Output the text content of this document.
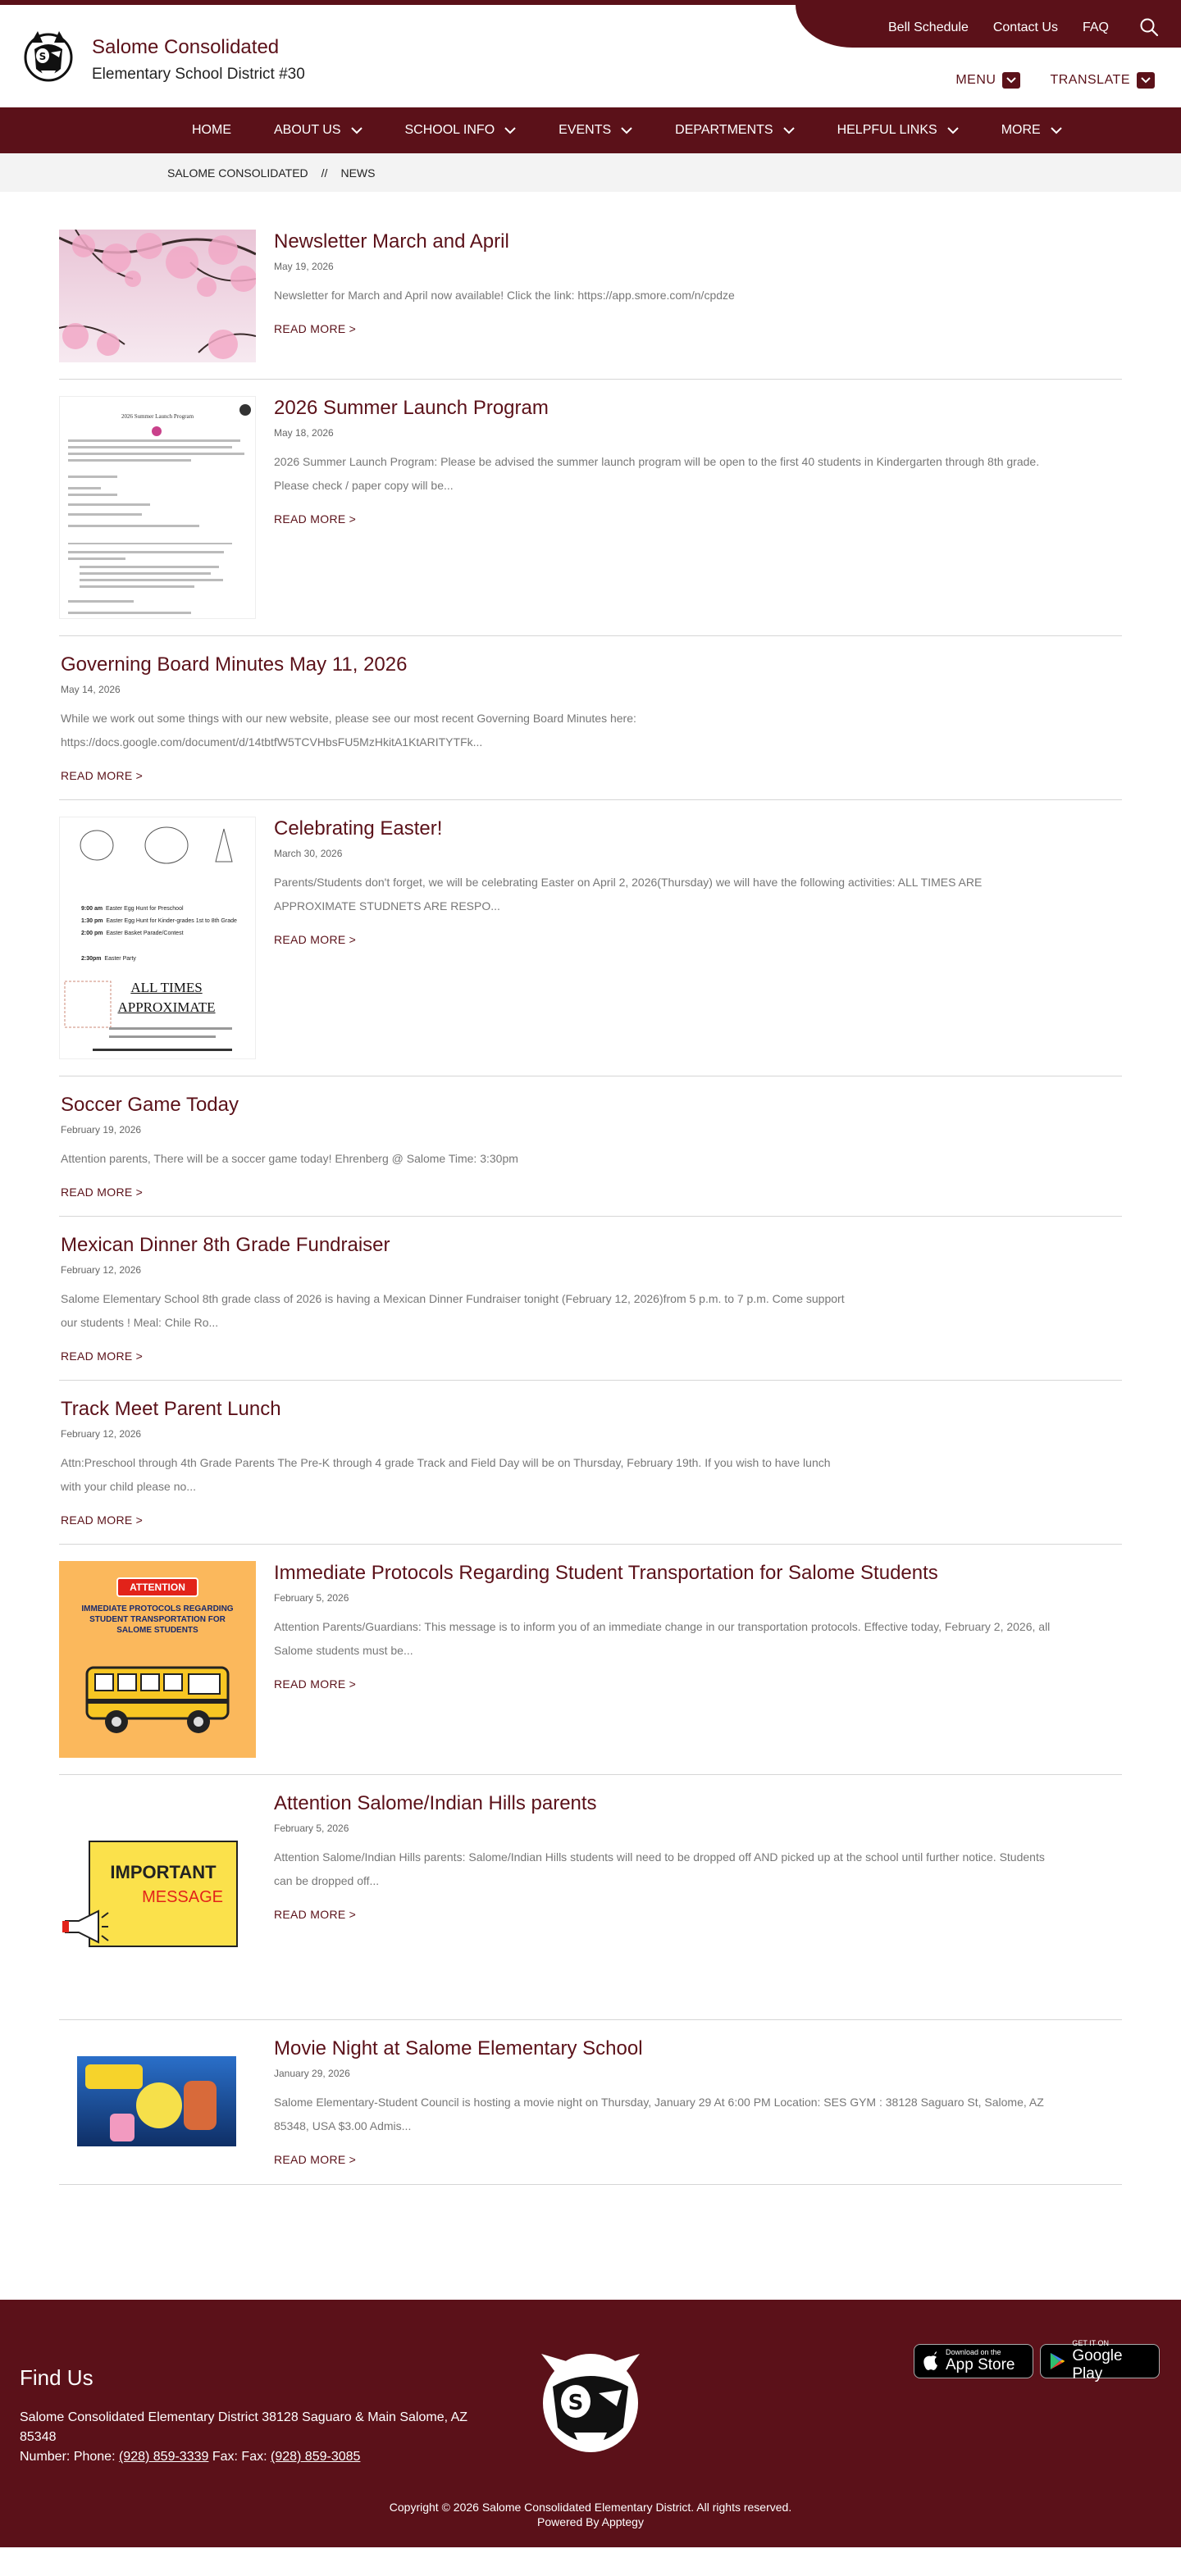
S Salome Consolidated
Elementary School District #30
Bell Schedule Contact Us FAQ
MENU	TRANSLATE
HOME	ABOUT US	SCHOOL INFO	EVENTS	DEPARTMENTS	HELPFUL LINKS	MORE
SALOME CONSOLIDATED // NEWS
Newsletter March and April
May 19, 2026
Newsletter for March and April now available! Click the link: https://app.smore.com/n/cpdze
READ MORE >
2026 Summer Launch Program	2026 Summer Launch Program
May 18, 2026
2026 Summer Launch Program: Please be advised the summer launch program will be open to the first 40 students in Kindergarten through 8th grade. Please check / paper copy will be...
READ MORE >
Governing Board Minutes May 11, 2026
May 14, 2026
While we work out some things with our new website, please see our most recent Governing Board Minutes here: https://docs.google.com/document/d/14tbtfW5TCVHbsFU5MzHkitA1KtARITYTFk...
READ MORE >
9:00 am Easter Egg Hunt for Preschool
1:30 pm Easter Egg Hunt for Kinder-grades 1st to 8th Grade
2:00 pm Easter Basket Parade/Contest
2:30pm Easter Party
ALL TIMES APPROXIMATE
Celebrating Easter!
March 30, 2026
Parents/Students don't forget, we will be celebrating Easter on April 2, 2026(Thursday) we will have the following activities: ALL TIMES ARE APPROXIMATE STUDNETS ARE RESPO...
READ MORE >
Soccer Game Today
February 19, 2026
Attention parents, There will be a soccer game today! Ehrenberg @ Salome Time: 3:30pm
READ MORE >
Mexican Dinner 8th Grade Fundraiser
February 12, 2026
Salome Elementary School 8th grade class of 2026 is having a Mexican Dinner Fundraiser tonight (February 12, 2026)from 5 p.m. to 7 p.m. Come support our students ! Meal: Chile Ro...
READ MORE >
Track Meet Parent Lunch
February 12, 2026
Attn:Preschool through 4th Grade Parents The Pre-K through 4 grade Track and Field Day will be on Thursday, February 19th. If you wish to have lunch with your child please no...
READ MORE >
ATTENTION
IMMEDIATE PROTOCOLS REGARDING STUDENT TRANSPORTATION FOR SALOME STUDENTS
Immediate Protocols Regarding Student Transportation for Salome Students
February 5, 2026
Attention Parents/Guardians: This message is to inform you of an immediate change in our transportation protocols. Effective today, February 2, 2026, all Salome students must be...
READ MORE >
IMPORTANT
MESSAGE
Attention Salome/Indian Hills parents
February 5, 2026
Attention Salome/Indian Hills parents: Salome/Indian Hills students will need to be dropped off AND picked up at the school until further notice. Students can be dropped off...
READ MORE >
Movie Night at Salome Elementary School
January 29, 2026
Salome Elementary-Student Council is hosting a movie night on Thursday, January 29 At 6:00 PM Location: SES GYM : 38128 Saguaro St, Salome, AZ 85348, USA $3.00 Admis...
READ MORE >
Find Us
Salome Consolidated Elementary District 38128 Saguaro & Main Salome, AZ 85348
Number: Phone: (928) 859-3339 Fax: Fax: (928) 859-3085
S
Download on the
App Store
GET IT ON
Google Play
Copyright © 2026 Salome Consolidated Elementary District. All rights reserved.
Powered By Apptegy
